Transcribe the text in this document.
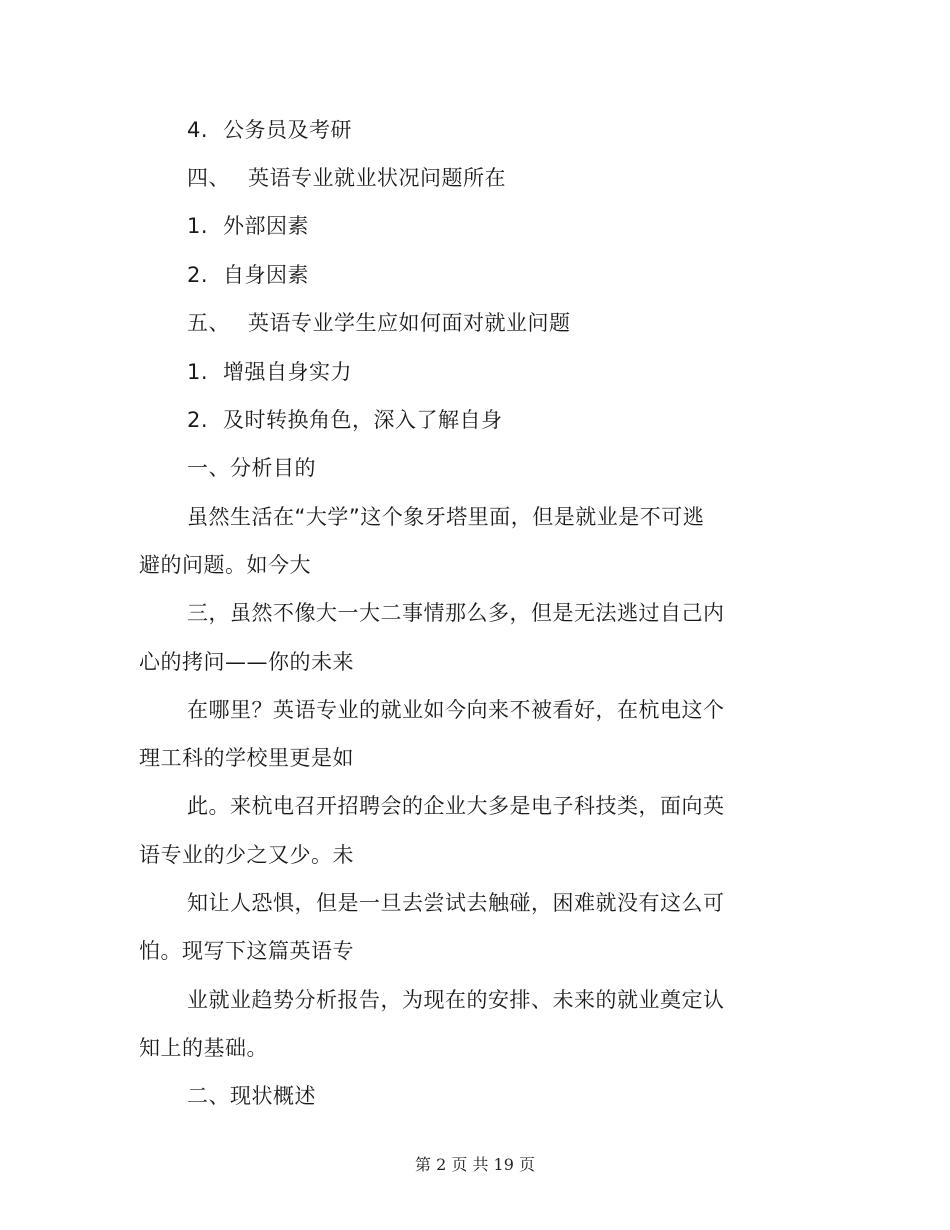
4. 公务员及考研
四、 英语专业就业状况问题所在
1. 外部因素
2. 自身因素
五、 英语专业学生应如何面对就业问题
1. 增强自身实力
2. 及时转换角色，深入了解自身
一、分析目的
虽然生活在“大学”这个象牙塔里面，但是就业是不可逃
避的问题。如今大
三，虽然不像大一大二事情那么多，但是无法逃过自己内
心的拷问——你的未来
在哪里？英语专业的就业如今向来不被看好，在杭电这个
理工科的学校里更是如
此。来杭电召开招聘会的企业大多是电子科技类，面向英
语专业的少之又少。未
知让人恐惧，但是一旦去尝试去触碰，困难就没有这么可
怕。现写下这篇英语专
业就业趋势分析报告，为现在的安排、未来的就业奠定认
知上的基础。
二、现状概述
第 2 页 共 19 页
